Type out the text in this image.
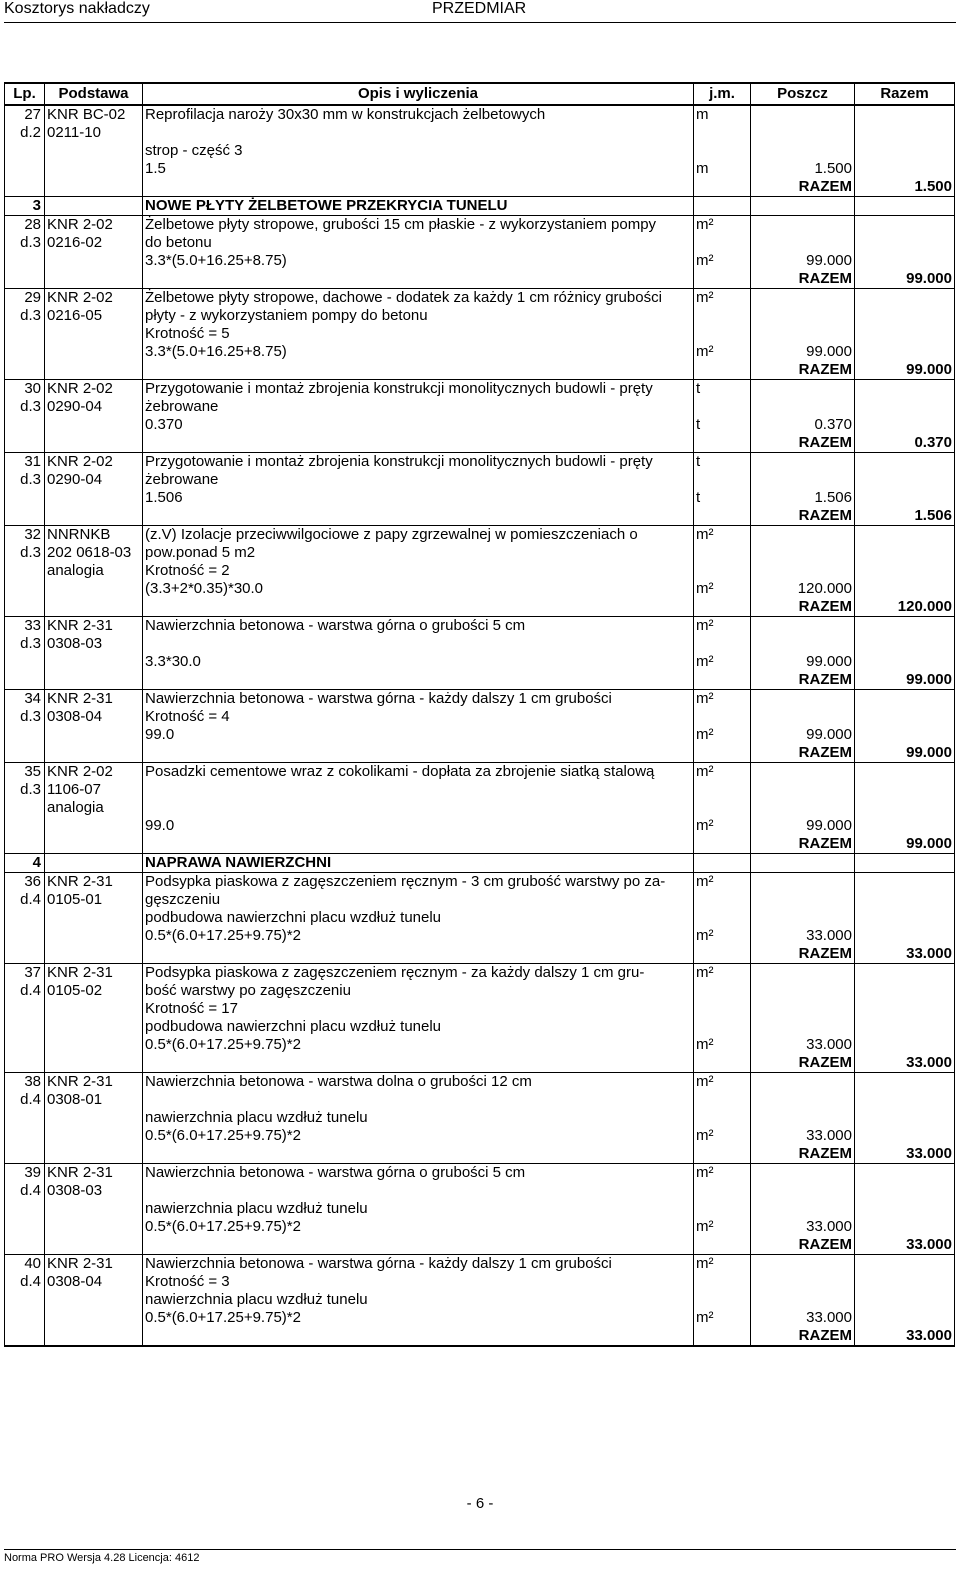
Kosztorys nakładczy	PRZEDMIAR
Lp.	Podstawa	Opis i wyliczenia	j.m.	Poszcz	Razem
27	KNR BC-02	Reprofilacja naroży 30x30 mm w konstrukcjach żelbetowych	m		
d.2	0211-10				
		strop - część 3			
		1.5	m	1.500	
				RAZEM	1.500
3		NOWE PŁYTY ŻELBETOWE PRZEKRYCIA TUNELU			
28	KNR 2-02	Żelbetowe płyty stropowe, grubości 15 cm płaskie - z wykorzystaniem pompy	m²		
d.3	0216-02	do betonu			
		3.3*(5.0+16.25+8.75)	m²	99.000	
				RAZEM	99.000
29	KNR 2-02	Żelbetowe płyty stropowe, dachowe - dodatek za każdy 1 cm różnicy grubości	m²		
d.3	0216-05	płyty - z wykorzystaniem pompy do betonu			
		Krotność = 5			
		3.3*(5.0+16.25+8.75)	m²	99.000	
				RAZEM	99.000
30	KNR 2-02	Przygotowanie i montaż zbrojenia konstrukcji monolitycznych budowli - pręty	t		
d.3	0290-04	żebrowane			
		0.370	t	0.370	
				RAZEM	0.370
31	KNR 2-02	Przygotowanie i montaż zbrojenia konstrukcji monolitycznych budowli - pręty	t		
d.3	0290-04	żebrowane			
		1.506	t	1.506	
				RAZEM	1.506
32	NNRNKB	(z.V) Izolacje przeciwwilgociowe z papy zgrzewalnej w pomieszczeniach o	m²		
d.3	202 0618-03	pow.ponad 5 m2			
	analogia	Krotność = 2			
		(3.3+2*0.35)*30.0	m²	120.000	
				RAZEM	120.000
33	KNR 2-31	Nawierzchnia betonowa - warstwa górna o grubości 5 cm	m²		
d.3	0308-03				
		3.3*30.0	m²	99.000	
				RAZEM	99.000
34	KNR 2-31	Nawierzchnia betonowa - warstwa górna - każdy dalszy 1 cm grubości	m²		
d.3	0308-04	Krotność = 4			
		99.0	m²	99.000	
				RAZEM	99.000
35	KNR 2-02	Posadzki cementowe wraz z cokolikami - dopłata za zbrojenie siatką stalową	m²		
d.3	1106-07				
	analogia				
		99.0	m²	99.000	
				RAZEM	99.000
4		NAPRAWA NAWIERZCHNI			
36	KNR 2-31	Podsypka piaskowa z zagęszczeniem ręcznym - 3 cm grubość warstwy po za-	m²		
d.4	0105-01	gęszczeniu			
		podbudowa nawierzchni placu wzdłuż tunelu			
		0.5*(6.0+17.25+9.75)*2	m²	33.000	
				RAZEM	33.000
37	KNR 2-31	Podsypka piaskowa z zagęszczeniem ręcznym - za każdy dalszy 1 cm gru-	m²		
d.4	0105-02	bość warstwy po zagęszczeniu			
		Krotność = 17			
		podbudowa nawierzchni placu wzdłuż tunelu			
		0.5*(6.0+17.25+9.75)*2	m²	33.000	
				RAZEM	33.000
38	KNR 2-31	Nawierzchnia betonowa - warstwa dolna o grubości 12 cm	m²		
d.4	0308-01				
		nawierzchnia placu wzdłuż tunelu			
		0.5*(6.0+17.25+9.75)*2	m²	33.000	
				RAZEM	33.000
39	KNR 2-31	Nawierzchnia betonowa - warstwa górna o grubości 5 cm	m²		
d.4	0308-03				
		nawierzchnia placu wzdłuż tunelu			
		0.5*(6.0+17.25+9.75)*2	m²	33.000	
				RAZEM	33.000
40	KNR 2-31	Nawierzchnia betonowa - warstwa górna - każdy dalszy 1 cm grubości	m²		
d.4	0308-04	Krotność = 3			
		nawierzchnia placu wzdłuż tunelu			
		0.5*(6.0+17.25+9.75)*2	m²	33.000	
				RAZEM	33.000
- 6 -
Norma PRO Wersja 4.28 Licencja: 4612
